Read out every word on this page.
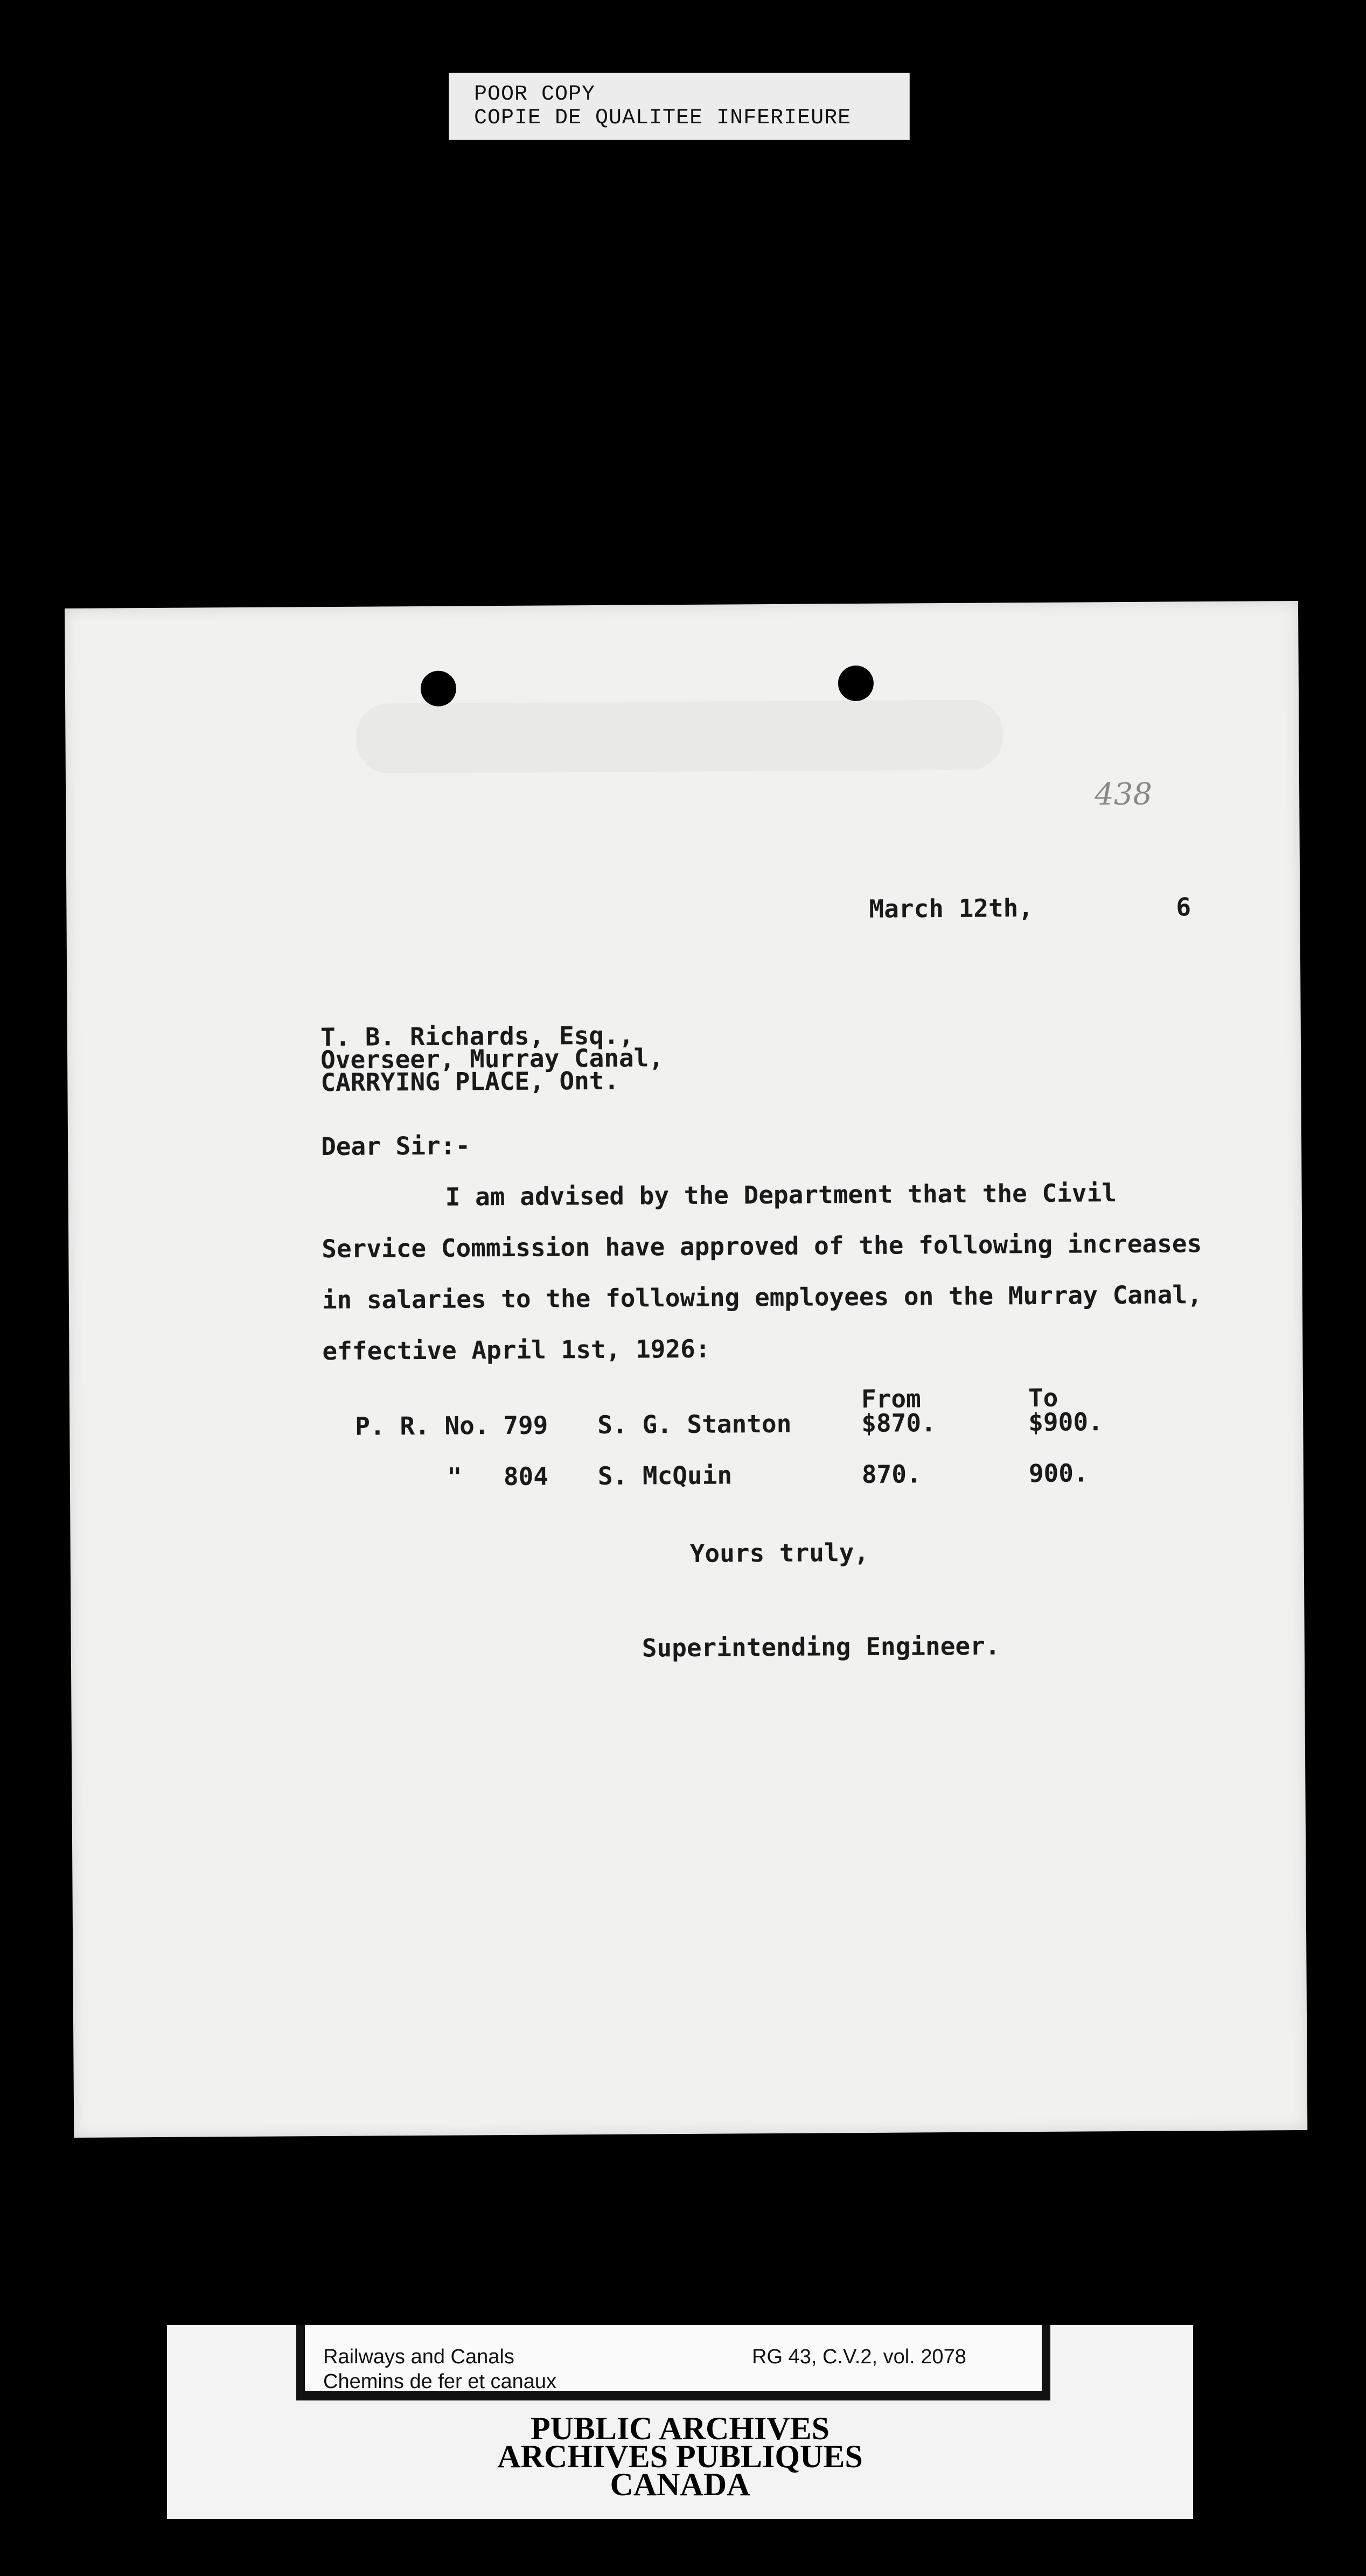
POOR COPY
COPIE DE QUALITEE INFERIEURE
438
March 12th,	6
T. B. Richards, Esq.,
Overseer, Murray Canal,
CARRYING PLACE, Ont.
Dear Sir:-
I am advised by the Department that the Civil
Service Commission have approved of the following increases
in salaries to the following employees on the Murray Canal,
effective April 1st, 1926:
From	To
P. R. No. 799 S. G. Stanton	$870.	$900.
" 804 S. McQuin	870.	900.
Yours truly,
Superintending Engineer.
Railways and Canals
Chemins de fer et canaux
RG 43, C.V.2, vol. 2078
PUBLIC ARCHIVES
ARCHIVES PUBLIQUES
CANADA
